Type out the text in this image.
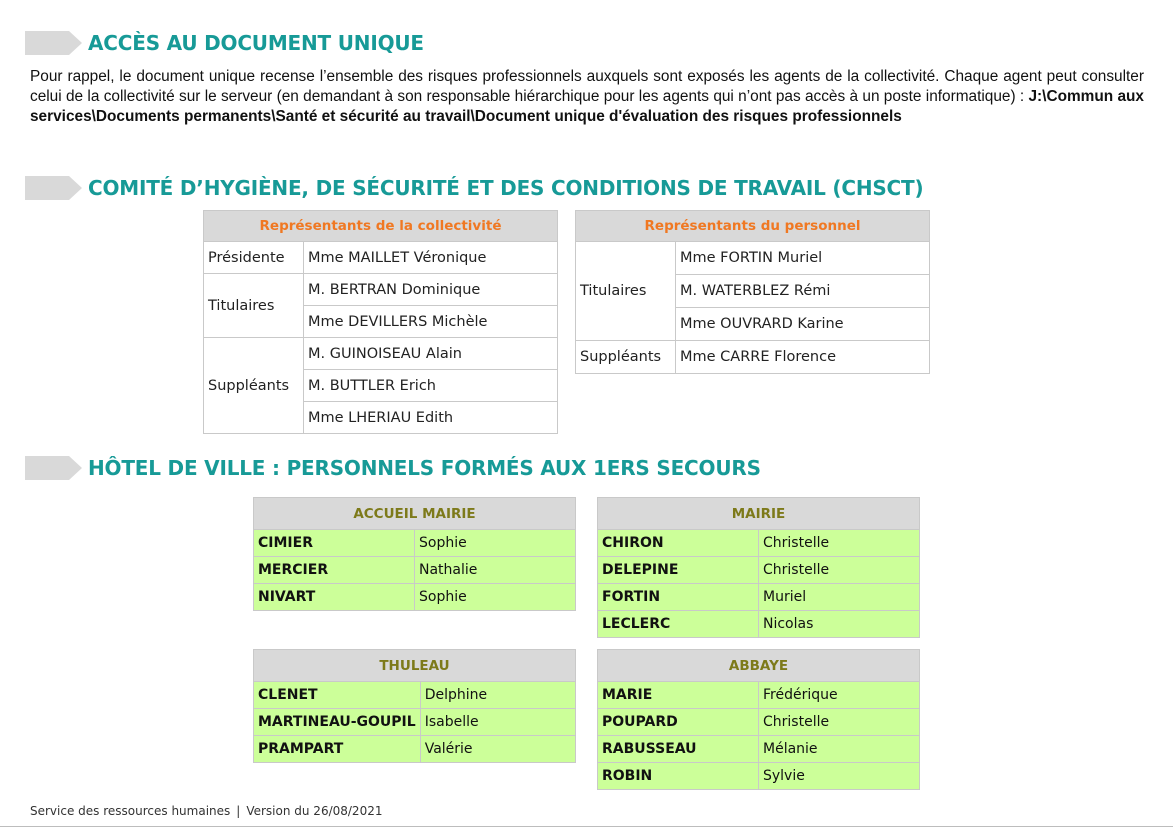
ACCÈS AU DOCUMENT UNIQUE
Pour rappel, le document unique recense l’ensemble des risques professionnels auxquels sont exposés les agents de la collectivité. Chaque agent peut consulter celui de la collectivité sur le serveur (en demandant à son responsable hiérarchique pour les agents qui n’ont pas accès à un poste informatique) : J:\Commun aux services\Documents permanents\Santé et sécurité au travail\Document unique d'évaluation des risques professionnels
COMITÉ D’HYGIÈNE, DE SÉCURITÉ ET DES CONDITIONS DE TRAVAIL (CHSCT)
Représentants de la collectivité	
Présidente	Mme MAILLET Véronique
Titulaires	M. BERTRAN Dominique
	Mme DEVILLERS Michèle
Suppléants	M. GUINOISEAU Alain
	M. BUTTLER Erich
	Mme LHERIAU Edith
Représentants du personnel	
Titulaires	Mme FORTIN Muriel
	M. WATERBLEZ Rémi
	Mme OUVRARD Karine
Suppléants	Mme CARRE Florence
HÔTEL DE VILLE : PERSONNELS FORMÉS AUX 1ERS SECOURS
ACCUEIL MAIRIE	
CIMIER	Sophie
MERCIER	Nathalie
NIVART	Sophie
MAIRIE	
CHIRON	Christelle
DELEPINE	Christelle
FORTIN	Muriel
LECLERC	Nicolas
THULEAU	
CLENET	Delphine
MARTINEAU-GOUPIL	Isabelle
PRAMPART	Valérie
ABBAYE	
MARIE	Frédérique
POUPARD	Christelle
RABUSSEAU	Mélanie
ROBIN	Sylvie
Service des ressources humaines | Version du 26/08/2021
